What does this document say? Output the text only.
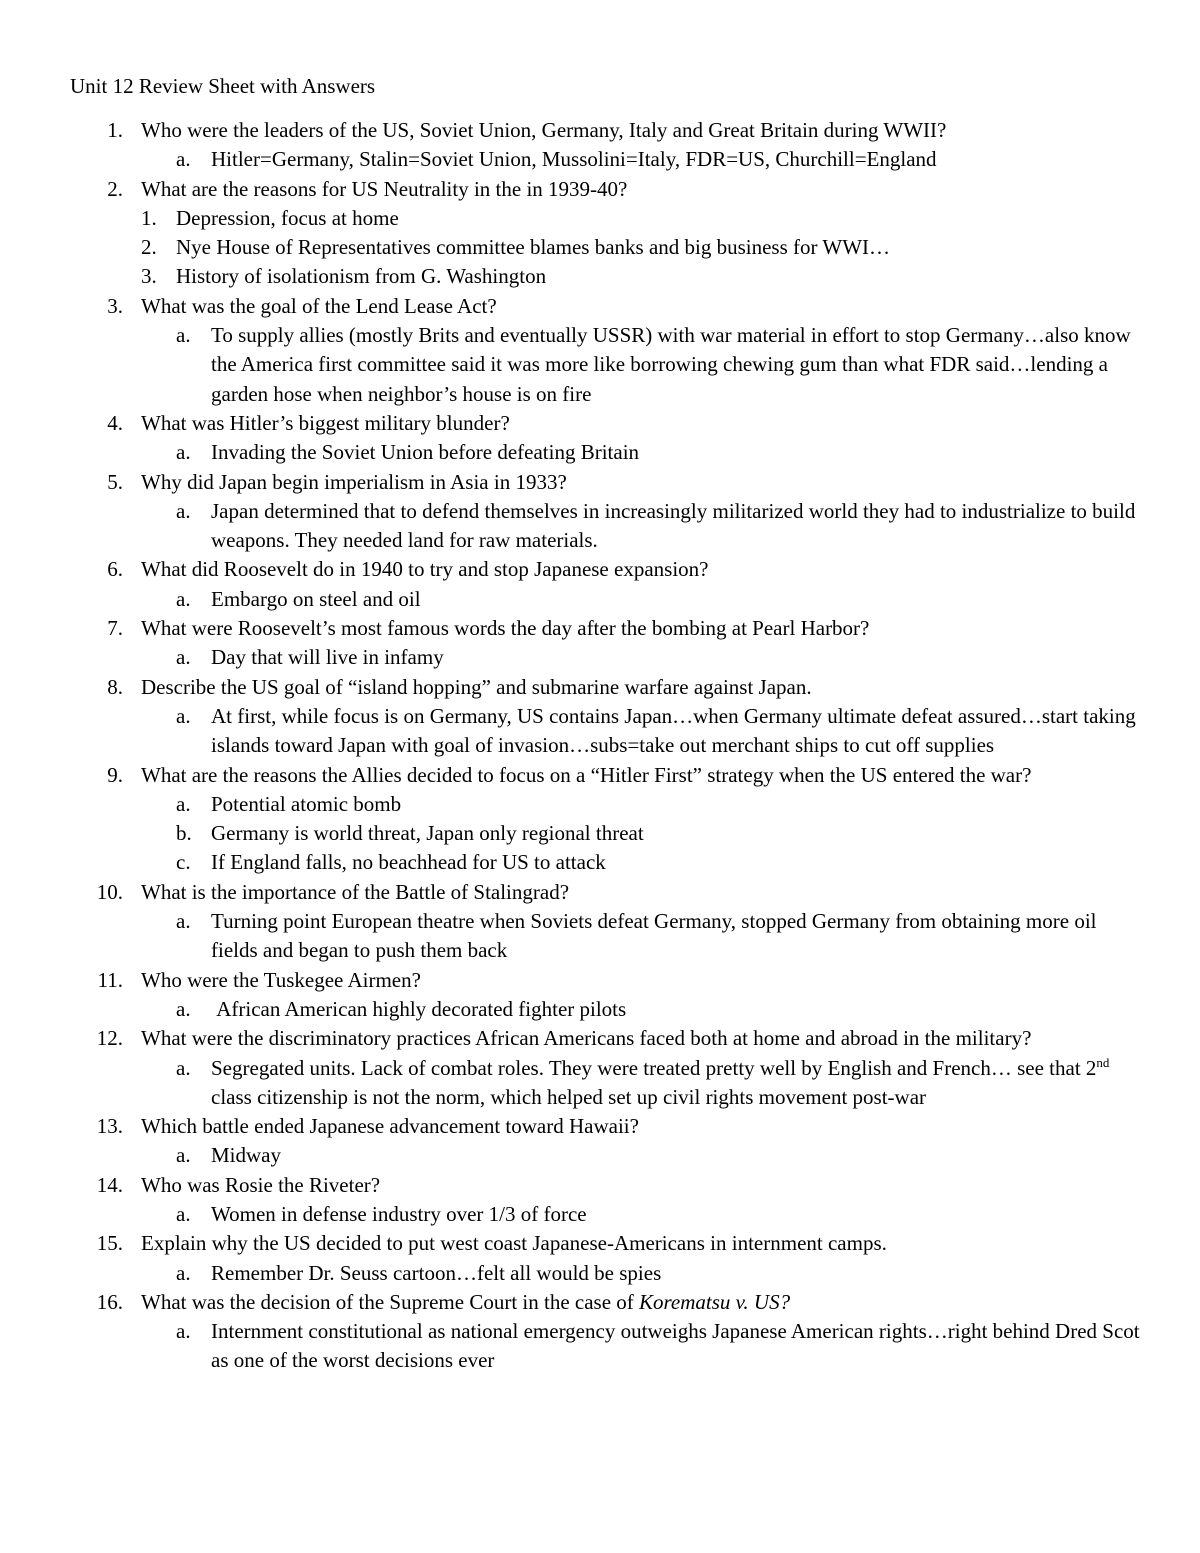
Unit 12 Review Sheet with Answers
1. Who were the leaders of the US, Soviet Union, Germany, Italy and Great Britain during WWII?
a. Hitler=Germany, Stalin=Soviet Union, Mussolini=Italy, FDR=US, Churchill=England
2. What are the reasons for US Neutrality in the in 1939-40?
1. Depression, focus at home
2. Nye House of Representatives committee blames banks and big business for WWI…
3. History of isolationism from G. Washington
3. What was the goal of the Lend Lease Act?
a. To supply allies (mostly Brits and eventually USSR) with war material in effort to stop Germany…also know the America first committee said it was more like borrowing chewing gum than what FDR said…lending a garden hose when neighbor’s house is on fire
4. What was Hitler’s biggest military blunder?
a. Invading the Soviet Union before defeating Britain
5. Why did Japan begin imperialism in Asia in 1933?
a. Japan determined that to defend themselves in increasingly militarized world they had to industrialize to build weapons. They needed land for raw materials.
6. What did Roosevelt do in 1940 to try and stop Japanese expansion?
a. Embargo on steel and oil
7. What were Roosevelt’s most famous words the day after the bombing at Pearl Harbor?
a. Day that will live in infamy
8. Describe the US goal of “island hopping” and submarine warfare against Japan.
a. At first, while focus is on Germany, US contains Japan…when Germany ultimate defeat assured…start taking islands toward Japan with goal of invasion…subs=take out merchant ships to cut off supplies
9. What are the reasons the Allies decided to focus on a “Hitler First” strategy when the US entered the war?
a. Potential atomic bomb
b. Germany is world threat, Japan only regional threat
c. If England falls, no beachhead for US to attack
10. What is the importance of the Battle of Stalingrad?
a. Turning point European theatre when Soviets defeat Germany, stopped Germany from obtaining more oil fields and began to push them back
11. Who were the Tuskegee Airmen?
a. African American highly decorated fighter pilots
12. What were the discriminatory practices African Americans faced both at home and abroad in the military?
a. Segregated units. Lack of combat roles. They were treated pretty well by English and French… see that 2nd class citizenship is not the norm, which helped set up civil rights movement post-war
13. Which battle ended Japanese advancement toward Hawaii?
a. Midway
14. Who was Rosie the Riveter?
a. Women in defense industry over 1/3 of force
15. Explain why the US decided to put west coast Japanese-Americans in internment camps.
a. Remember Dr. Seuss cartoon…felt all would be spies
16. What was the decision of the Supreme Court in the case of Korematsu v. US?
a. Internment constitutional as national emergency outweighs Japanese American rights…right behind Dred Scot as one of the worst decisions ever
